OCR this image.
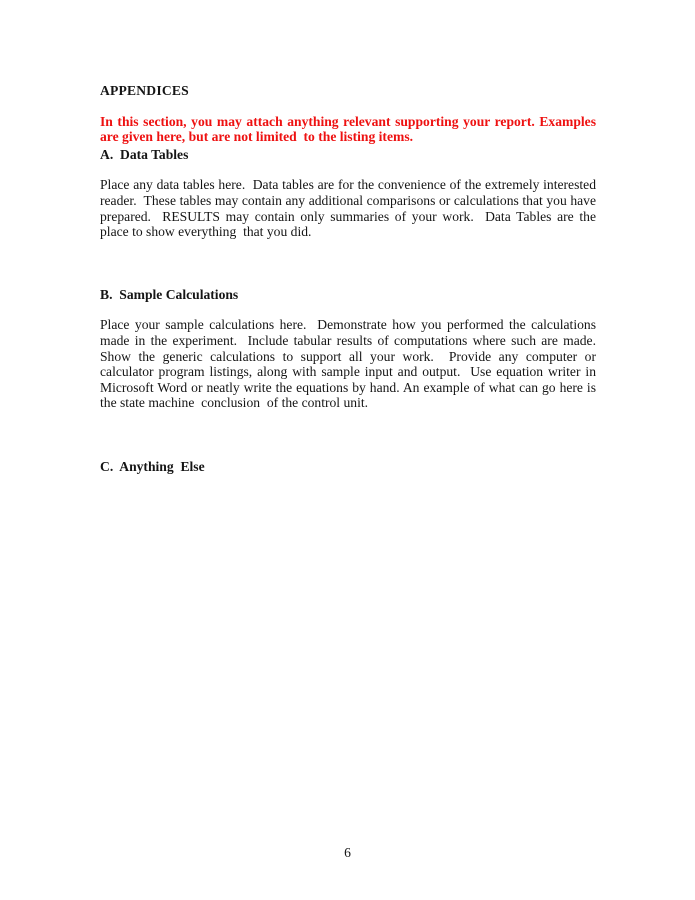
APPENDICES

In this section, you may attach anything relevant supporting your report. Examples are given here, but are not limited  to the listing items.

A.  Data Tables

Place any data tables here.  Data tables are for the convenience of the extremely interested reader.  These tables may contain any additional comparisons or calculations that you have prepared.  RESULTS may contain only summaries of your work.  Data Tables are the place to show everything  that you did.

B.  Sample Calculations

Place your sample calculations here.  Demonstrate how you performed the calculations made in the experiment.  Include tabular results of computations where such are made.  Show the generic calculations to support all your work.  Provide any computer or calculator program listings, along with sample input and output.  Use equation writer in Microsoft Word or neatly write the equations by hand. An example of what can go here is the state machine  conclusion  of the control unit.

C.  Anything  Else
6
